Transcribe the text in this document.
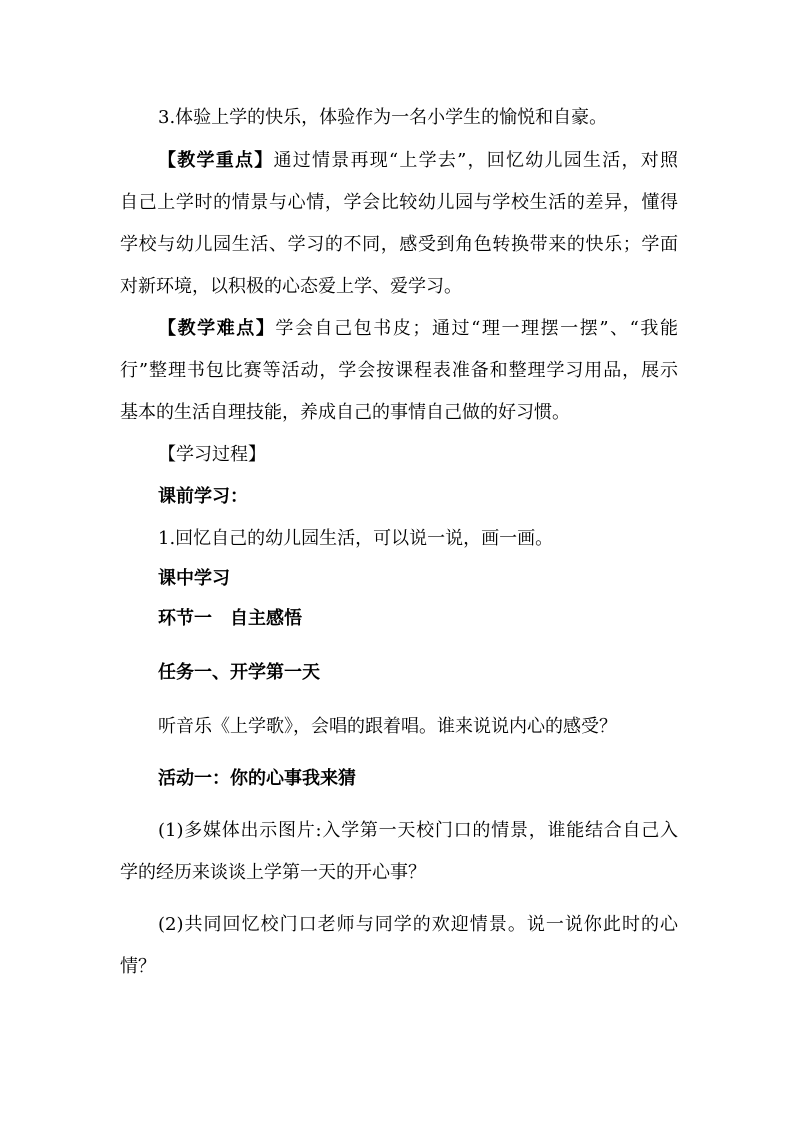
3.体验上学的快乐，体验作为一名小学生的愉悦和自豪。

【教学重点】通过情景再现“上学去”，回忆幼儿园生活，对照

自己上学时的情景与心情，学会比较幼儿园与学校生活的差异，懂得

学校与幼儿园生活、学习的不同，感受到角色转换带来的快乐；学面

对新环境，以积极的心态爱上学、爱学习。

【教学难点】学会自己包书皮；通过“理一理摆一摆”、“我能

行”整理书包比赛等活动，学会按课程表准备和整理学习用品，展示

基本的生活自理技能，养成自己的事情自己做的好习惯。

【学习过程】

课前学习：

1.回忆自己的幼儿园生活，可以说一说，画一画。

课中学习

环节一　自主感悟

任务一、开学第一天

听音乐《上学歌》，会唱的跟着唱。谁来说说内心的感受？

活动一：你的心事我来猜

(1)多媒体出示图片:入学第一天校门口的情景，谁能结合自己入

学的经历来谈谈上学第一天的开心事？

(2)共同回忆校门口老师与同学的欢迎情景。说一说你此时的心

情？
